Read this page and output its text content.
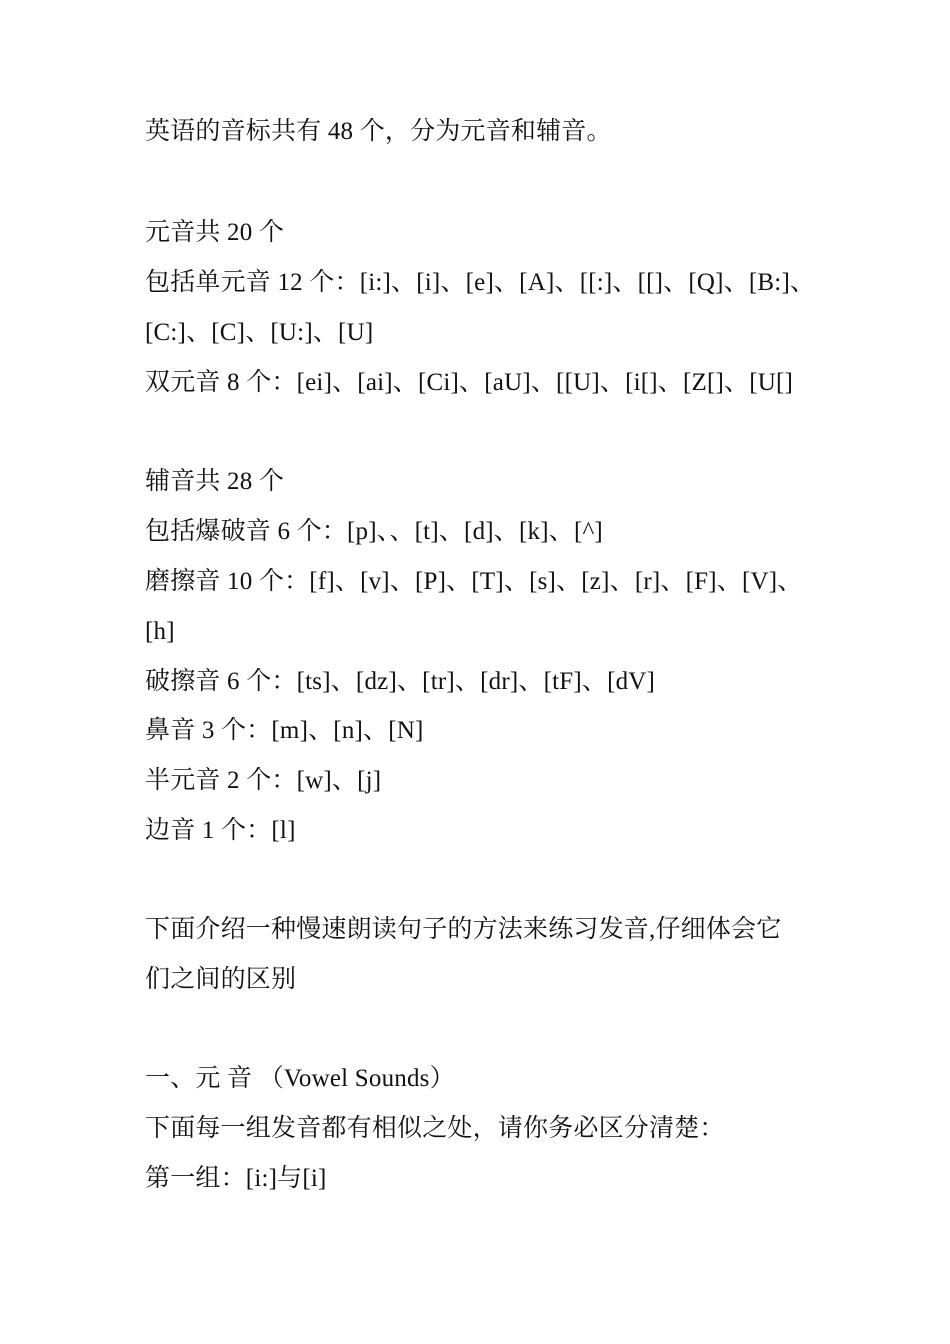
英语的音标共有 48 个，分为元音和辅音。
元音共 20 个
包括单元音 12 个：[i:]、[i]、[e]、[A]、[[:]、[[]、[Q]、[B:]、
[C:]、[C]、[U:]、[U]
双元音 8 个：[ei]、[ai]、[Ci]、[aU]、[[U]、[i[]、[Z[]、[U[]
辅音共 28 个
包括爆破音 6 个：[p]、、[t]、[d]、[k]、[^]
磨擦音 10 个：[f]、[v]、[P]、[T]、[s]、[z]、[r]、[F]、[V]、
[h]
破擦音 6 个：[ts]、[dz]、[tr]、[dr]、[tF]、[dV]
鼻音 3 个：[m]、[n]、[N]
半元音 2 个：[w]、[j]
边音 1 个：[l]
下面介绍一种慢速朗读句子的方法来练习发音,仔细体会它
们之间的区别
一、元 音 （Vowel Sounds）
下面每一组发音都有相似之处，请你务必区分清楚：
第一组：[i:]与[i]
